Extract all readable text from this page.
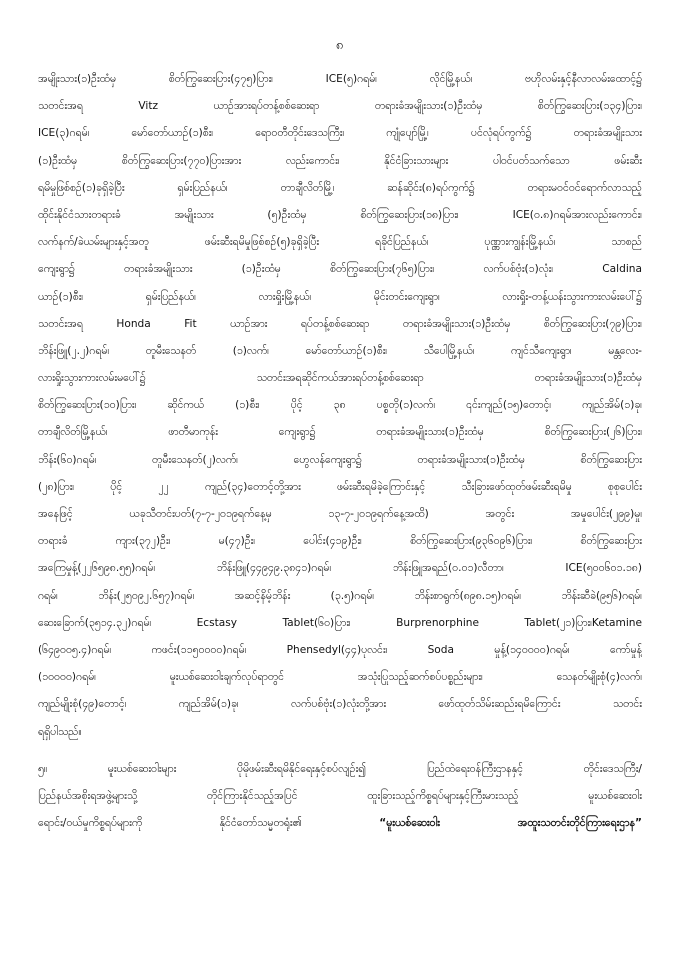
၈
အမျိုးသား(၁)ဦးထံမှ စိတ်ကြွဆေးပြား(၄၇၅)ပြား၊ ICE(၅)ဂရမ်၊ လိုင်မြို့နယ်၊ ဗဟိုလမ်းနှင့်နီလာလမ်းထောင့်၌
သတင်းအရ Vitz ယာဉ်အားရပ်တန့်စစ်ဆေးရာ တရားခံအမျိုးသား(၁)ဦးထံမှ စိတ်ကြွဆေးပြား(၁၃၄)ပြား၊
ICE(၃)ဂရမ်၊ မော်တော်ယာဉ်(၁)စီး၊ ရောဝတီတိုင်းဒေသကြီး၊ ကျုံပျော်မြို့၊ ပင်လုံရပ်ကွက်၌ တရားခံအမျိုးသား
(၁)ဦးထံမှ စိတ်ကြွဆေးပြား(၇၇၀)ပြားအား လည်းကောင်း၊ နိုင်ငံခြားသားများ ပါဝင်ပတ်သက်သော ဖမ်းဆီး
ရမိမှုဖြစ်စဉ်(၁)ခုရှိခဲ့ပြီး ရှမ်းပြည်နယ်၊ တာချီလိတ်မြို့၊ ဆန်ဆိုင်း(၈)ရပ်ကွက်၌ တရားမဝင်ဝင်ရောက်လာသည့်
ထိုင်းနိုင်ငံသားတရားခံ အမျိုးသား (၅)ဦးထံမှ စိတ်ကြွဆေးပြား(၁၈)ပြား၊ ICE(၀.၈)ဂရမ်အားလည်းကောင်း၊
လက်နက်/ခဲယမ်းများနှင့်အတူ ဖမ်းဆီးရမိမှုဖြစ်စဉ်(၅)ခုရှိခဲ့ပြီး ရခိုင်ပြည်နယ်၊ ပုဏ္ဏားကျွန်းမြို့နယ်၊ သာစည်
ကျေးရွာ၌ တရားခံအမျိုးသား (၁)ဦးထံမှ စိတ်ကြွဆေးပြား(၇၆၅)ပြား၊ လက်ပစ်ဗုံး(၁)လုံး၊ Caldina
ယာဉ်(၁)စီး၊ ရှမ်းပြည်နယ်၊ လားရှိုးမြို့နယ်၊ မိုင်းတင်းကျေးရွာ၊ လားရှိုး-တန့်ယန်းသွားကားလမ်းပေါ်၌
သတင်းအရ Honda Fit ယာဉ်အား ရပ်တန့်စစ်ဆေးရာ တရားခံအမျိုးသား(၁)ဦးထံမှ စိတ်ကြွဆေးပြား(၇၉)ပြား၊
ဘိန်းဖြူ(၂.၂)ဂရမ်၊ တူမီးသေနတ် (၁)လက်၊ မော်တော်ယာဉ်(၁)စီး၊ သီပေါမြို့နယ်၊ ကျင်သီကျေးရွာ၊ မန္တလေး-
လားရှိုးသွားကားလမ်းမပေါ်၌ သတင်းအရဆိုင်ကယ်အားရပ်တန့်စစ်ဆေးရာ တရားခံအမျိုးသား(၁)ဦးထံမှ
စိတ်ကြွဆေးပြား(၁၀)ပြား၊ ဆိုင်ကယ် (၁)စီး၊ ပိုင့် ၃၈ ပစ္စတို(၁)လက်၊ ၎င်းကျည်(၁၅)တောင့်၊ ကျည်အိမ်(၁)ခု၊
တာချီလိတ်မြို့နယ်၊ ဖာတီမာကုန်း ကျေးရွာ၌ တရားခံအမျိုးသား(၁)ဦးထံမှ စိတ်ကြွဆေးပြား(၂၆)ပြား၊
ဘိန်း(၆၀)ဂရမ်၊ တူမီးသေနတ်(၂)လက်၊ ဟွေလန်ကျေးရွာ၌ တရားခံအမျိုးသား(၁)ဦးထံမှ စိတ်ကြွဆေးပြား
(၂၈)ပြား၊ ပိုင့် ၂၂ ကျည်(၃၄)တောင့်တို့အား ဖမ်းဆီးရမိခဲ့ကြောင်းနှင့် သီးခြားဖော်ထုတ်ဖမ်းဆီးရမိမှု စုစုပေါင်း
အနေဖြင့် ယခုသီတင်းပတ်(၇-၇-၂၀၁၉ရက်နေ့မှ ၁၃-၇-၂၀၁၉ရက်နေ့အထိ) အတွင်း အမှုပေါင်း(၂၉၉)မှု၊
တရားခံ ကျား(၃၇၂)ဦး၊ မ(၄၇)ဦး၊ ပေါင်း(၄၁၉)ဦး၊ စိတ်ကြွဆေးပြား(၉၃၆၀၉၆)ပြား၊ စိတ်ကြွဆေးပြား
အကြေမှုန့်(၂၂၆၅၉၈.၅၅)ဂရမ်၊ ဘိန်းဖြူ(၄၄၉၄၉.၃၈၄၁)ဂရမ်၊ ဘိန်းဖြူအရည်(၀.၀၁)လီတာ၊ ICE(၅၀၀၆၀၁.၁၈)
ဂရမ်၊ ဘိန်း(၂၅၀၉၂.၆၅၇)ဂရမ်၊ အဆင့်နိမ့်ဘိန်း (၃.၅)ဂရမ်၊ ဘိန်းစာရွက်(၈၉၈.၁၅)ဂရမ်၊ ဘိန်းဆီခဲ(၉၅၆)ဂရမ်၊
ဆေးခြောက်(၃၅၁၄.၃၂)ဂရမ်၊ Ecstasy Tablet(၆၀)ပြား၊ Burprenorphine Tablet(၂၁)ပြား၊Ketamine
(၆၄၉၀၀၅.၄)ဂရမ်၊ ကဖင်း(၁၁၅၀၀၀၀)ဂရမ်၊ Phensedyl(၄၄)ပုလင်း၊ Soda မှုန့်(၁၄၀၀၀၀)ဂရမ်၊ ကော်မှုန့်
(၁၀၀၀၀)ဂရမ်၊ မူးယစ်ဆေးဝါးချက်လုပ်ရာတွင် အသုံးပြုသည့်ဆက်စပ်ပစ္စည်းများ၊ သေနတ်မျိုးစုံ(၄)လက်၊
ကျည်မျိုးစုံ(၄၉)တောင့်၊ ကျည်အိမ်(၁)ခု၊ လက်ပစ်ဗုံး(၁)လုံးတို့အား ဖော်ထုတ်သိမ်းဆည်းရမိကြောင်း သတင်း
ရရှိပါသည်။
၅။ မူးယစ်ဆေးဝါးများ ပိုမိုဖမ်းဆီးရမိနိုင်ရေးနှင့်စပ်လျဉ်း၍ ပြည်ထဲရေးဝန်ကြီးဌာနနှင့် တိုင်းဒေသကြီး/
ပြည်နယ်အစိုးရအဖွဲ့များသို့ တိုင်ကြားနိုင်သည့်အပြင် ထူးခြားသည့်ကိစ္စရပ်များနှင့်ကြီးမားသည့် မူးယစ်ဆေးဝါး
ရောင်း/ဝယ်မှုကိစ္စရပ်များကို နိုင်ငံတော်သမ္မတရုံး၏ “မူးယစ်ဆေးဝါး အထူးသတင်းတိုင်ကြားရေးဌာန”
